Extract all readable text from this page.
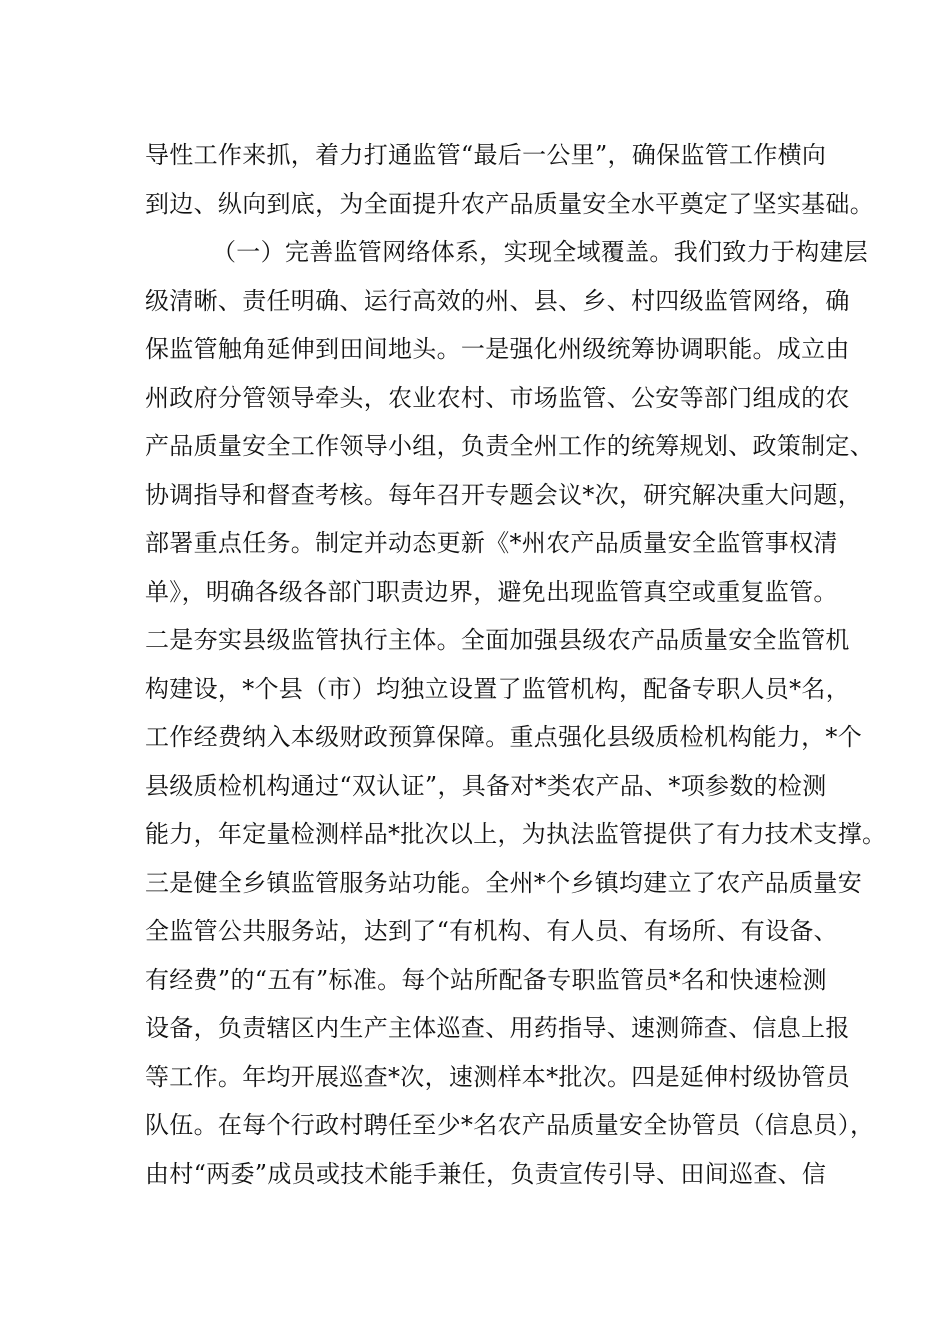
导性工作来抓，着力打通监管“最后一公里”，确保监管工作横向
到边、纵向到底，为全面提升农产品质量安全水平奠定了坚实基础。
（一）完善监管网络体系，实现全域覆盖。我们致力于构建层
级清晰、责任明确、运行高效的州、县、乡、村四级监管网络，确
保监管触角延伸到田间地头。一是强化州级统筹协调职能。成立由
州政府分管领导牵头，农业农村、市场监管、公安等部门组成的农
产品质量安全工作领导小组，负责全州工作的统筹规划、政策制定、
协调指导和督查考核。每年召开专题会议*次，研究解决重大问题，
部署重点任务。制定并动态更新《*州农产品质量安全监管事权清
单》，明确各级各部门职责边界，避免出现监管真空或重复监管。
二是夯实县级监管执行主体。全面加强县级农产品质量安全监管机
构建设，*个县（市）均独立设置了监管机构，配备专职人员*名，
工作经费纳入本级财政预算保障。重点强化县级质检机构能力，*个
县级质检机构通过“双认证”，具备对*类农产品、*项参数的检测
能力，年定量检测样品*批次以上，为执法监管提供了有力技术支撑。
三是健全乡镇监管服务站功能。全州*个乡镇均建立了农产品质量安
全监管公共服务站，达到了“有机构、有人员、有场所、有设备、
有经费”的“五有”标准。每个站所配备专职监管员*名和快速检测
设备，负责辖区内生产主体巡查、用药指导、速测筛查、信息上报
等工作。年均开展巡查*次，速测样本*批次。四是延伸村级协管员
队伍。在每个行政村聘任至少*名农产品质量安全协管员（信息员），
由村“两委”成员或技术能手兼任，负责宣传引导、田间巡查、信
